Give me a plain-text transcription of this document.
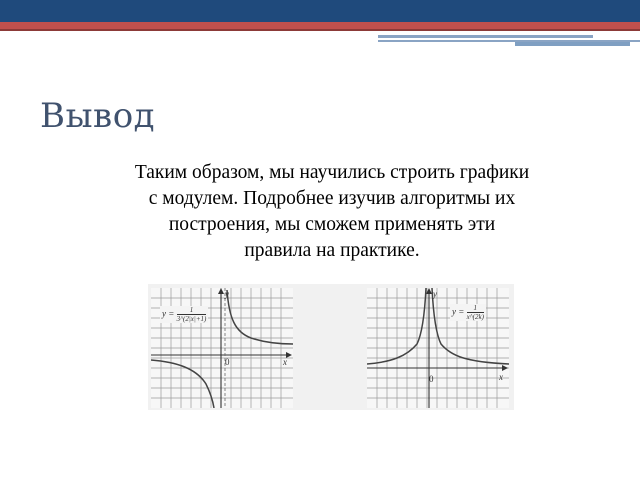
Вывод
Таким образом, мы научились строить графики
с модулем. Подробнее изучив алгоритмы их
построения, мы сможем применять эти
правила на практике.
y
x
0
$y = \frac{1}{3\^{}(2|x|+1)}$
y
x
0
$y = \frac{1}{x\^{}(2k)}$
